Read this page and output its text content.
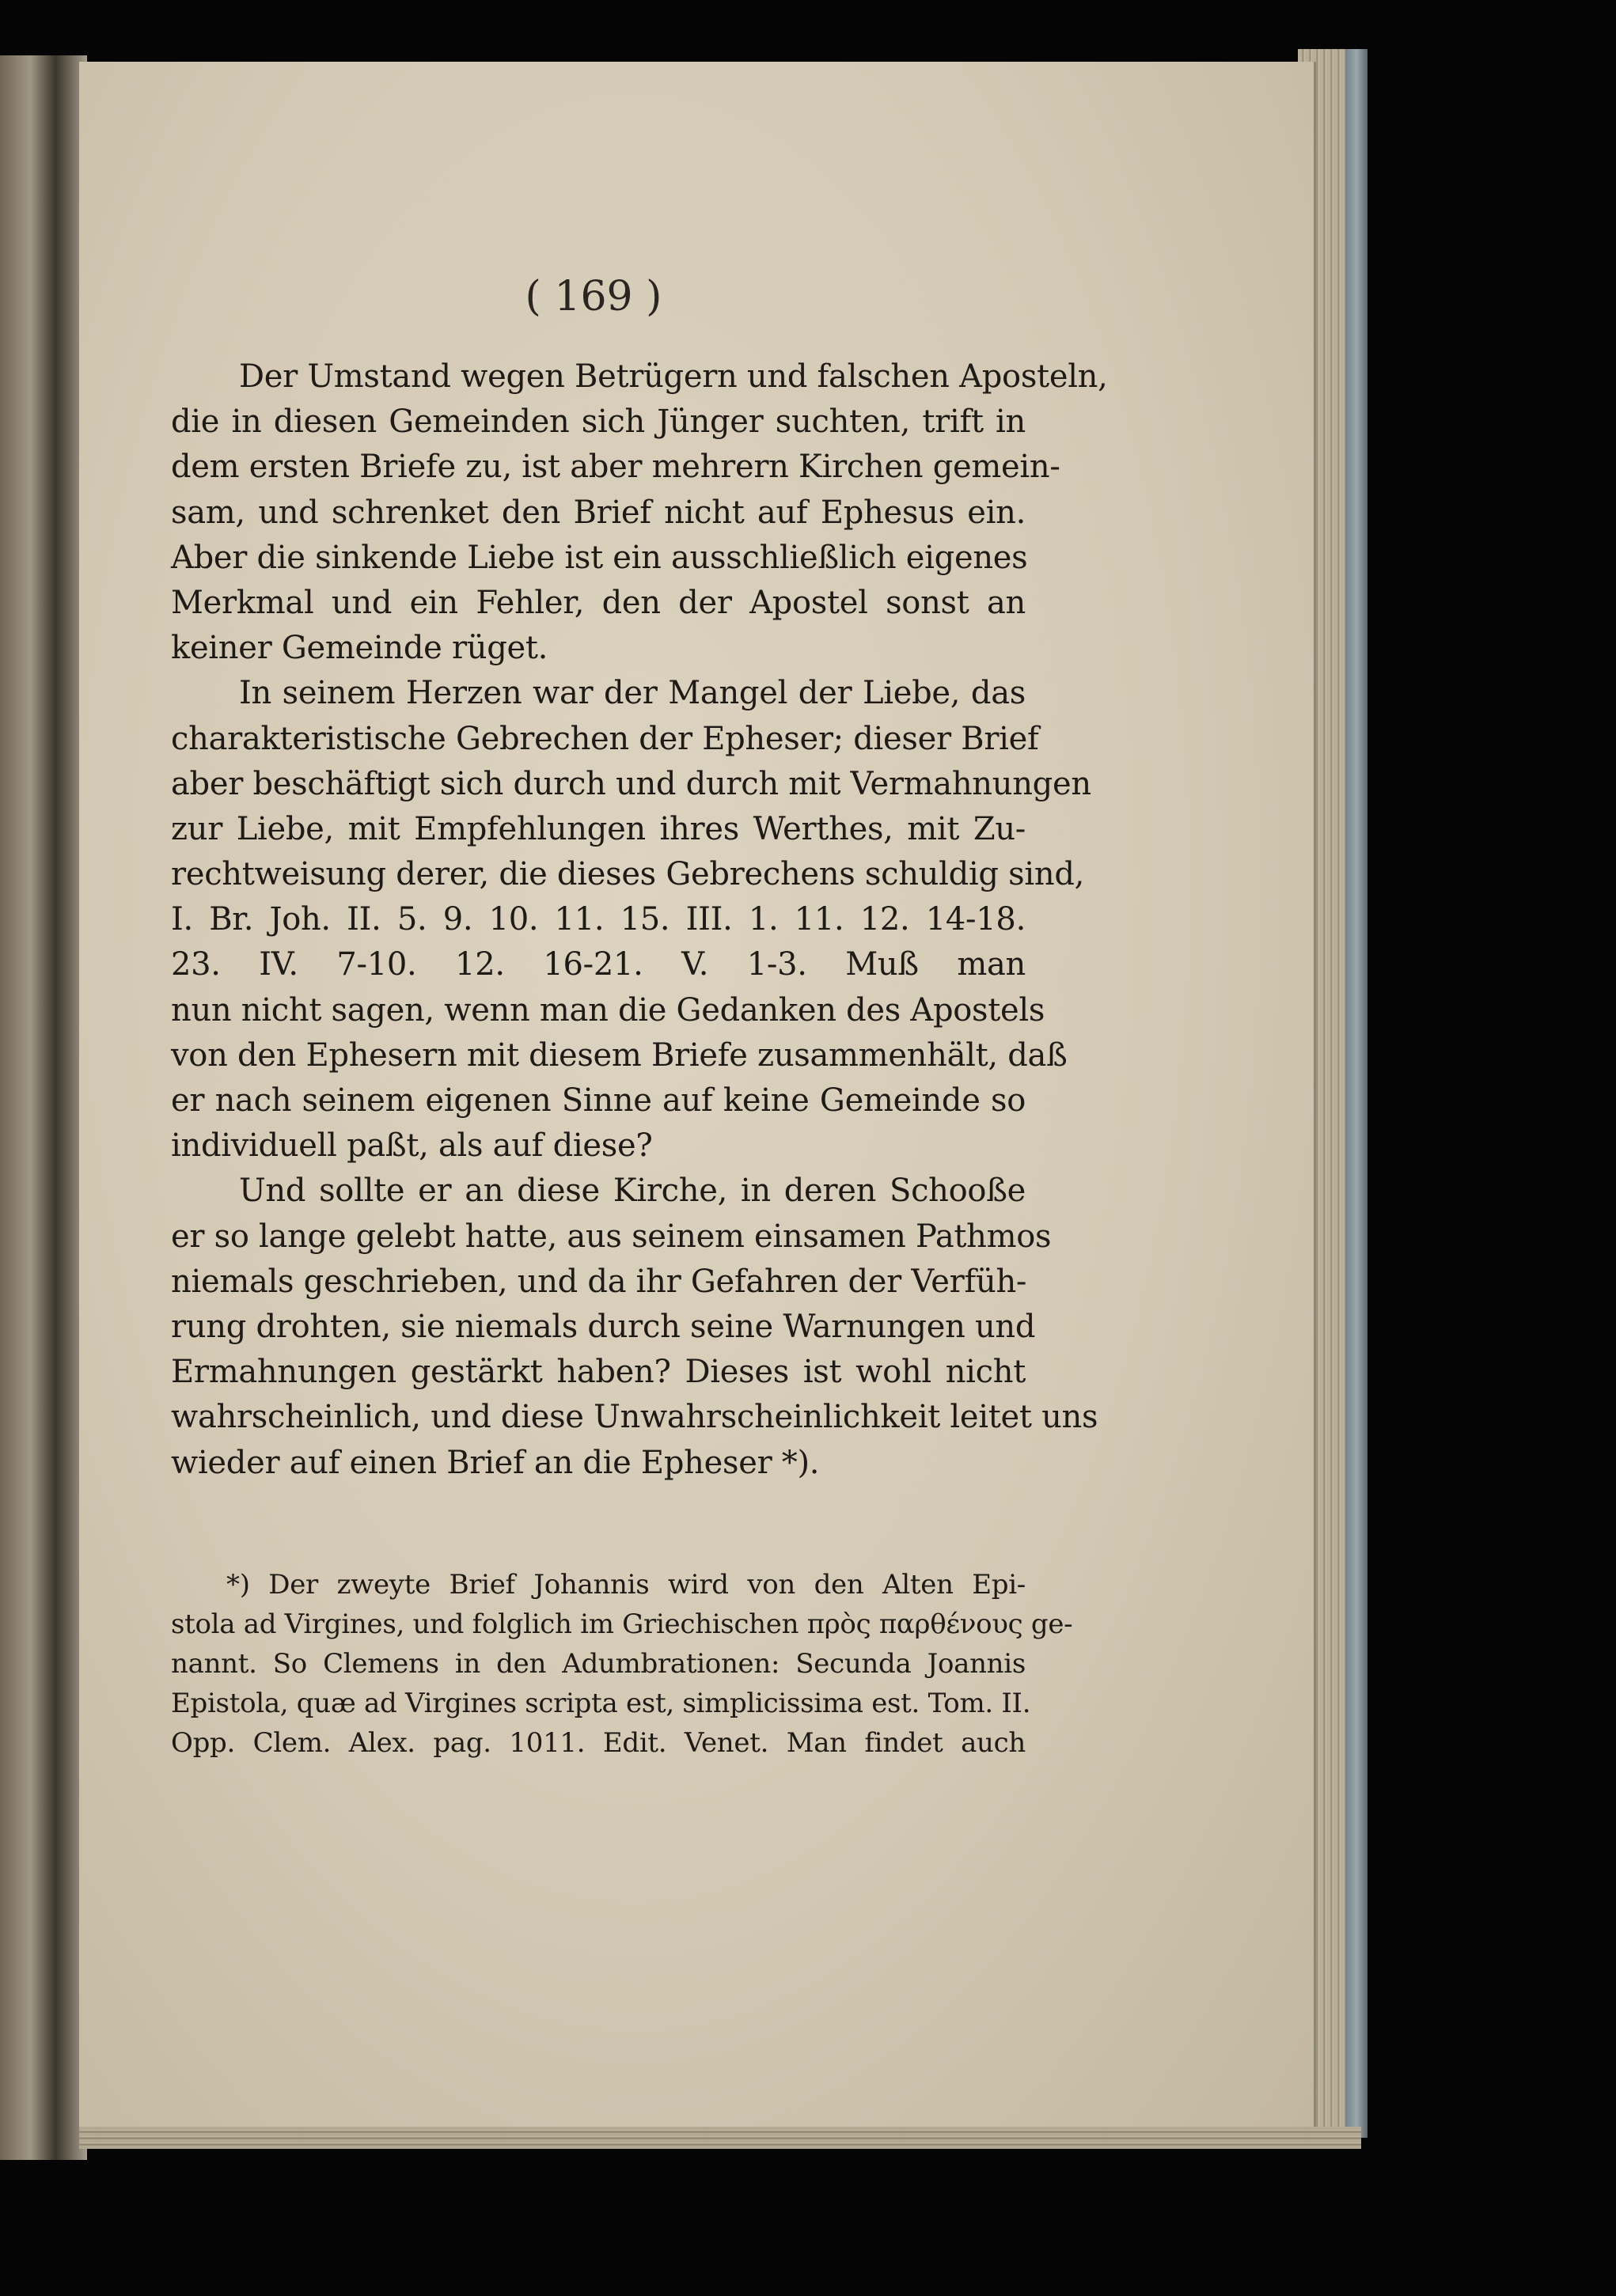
( 169 )
Der Umstand wegen Betrügern und falschen Aposteln,
die in diesen Gemeinden sich Jünger suchten, trift in
dem ersten Briefe zu, ist aber mehrern Kirchen gemein-
sam, und schrenket den Brief nicht auf Ephesus ein.
Aber die sinkende Liebe ist ein ausschließlich eigenes
Merkmal und ein Fehler, den der Apostel sonst an
keiner Gemeinde rüget.
In seinem Herzen war der Mangel der Liebe, das
charakteristische Gebrechen der Epheser; dieser Brief
aber beschäftigt sich durch und durch mit Vermahnungen
zur Liebe, mit Empfehlungen ihres Werthes, mit Zu-
rechtweisung derer, die dieses Gebrechens schuldig sind,
I. Br. Joh. II. 5. 9. 10. 11. 15. III. 1. 11. 12. 14-18.
23. IV. 7-10. 12. 16-21. V. 1-3. Muß man
nun nicht sagen, wenn man die Gedanken des Apostels
von den Ephesern mit diesem Briefe zusammenhält, daß
er nach seinem eigenen Sinne auf keine Gemeinde so
individuell paßt, als auf diese?
Und sollte er an diese Kirche, in deren Schooße
er so lange gelebt hatte, aus seinem einsamen Pathmos
niemals geschrieben, und da ihr Gefahren der Verfüh-
rung drohten, sie niemals durch seine Warnungen und
Ermahnungen gestärkt haben? Dieses ist wohl nicht
wahrscheinlich, und diese Unwahrscheinlichkeit leitet uns
wieder auf einen Brief an die Epheser *).
*) Der zweyte Brief Johannis wird von den Alten Epi-
stola ad Virgines, und folglich im Griechischen πρὸς παρθένους ge-
nannt. So Clemens in den Adumbrationen: Secunda Joannis
Epistola, quæ ad Virgines scripta est, simplicissima est. Tom. II.
Opp. Clem. Alex. pag. 1011. Edit. Venet. Man findet auch
